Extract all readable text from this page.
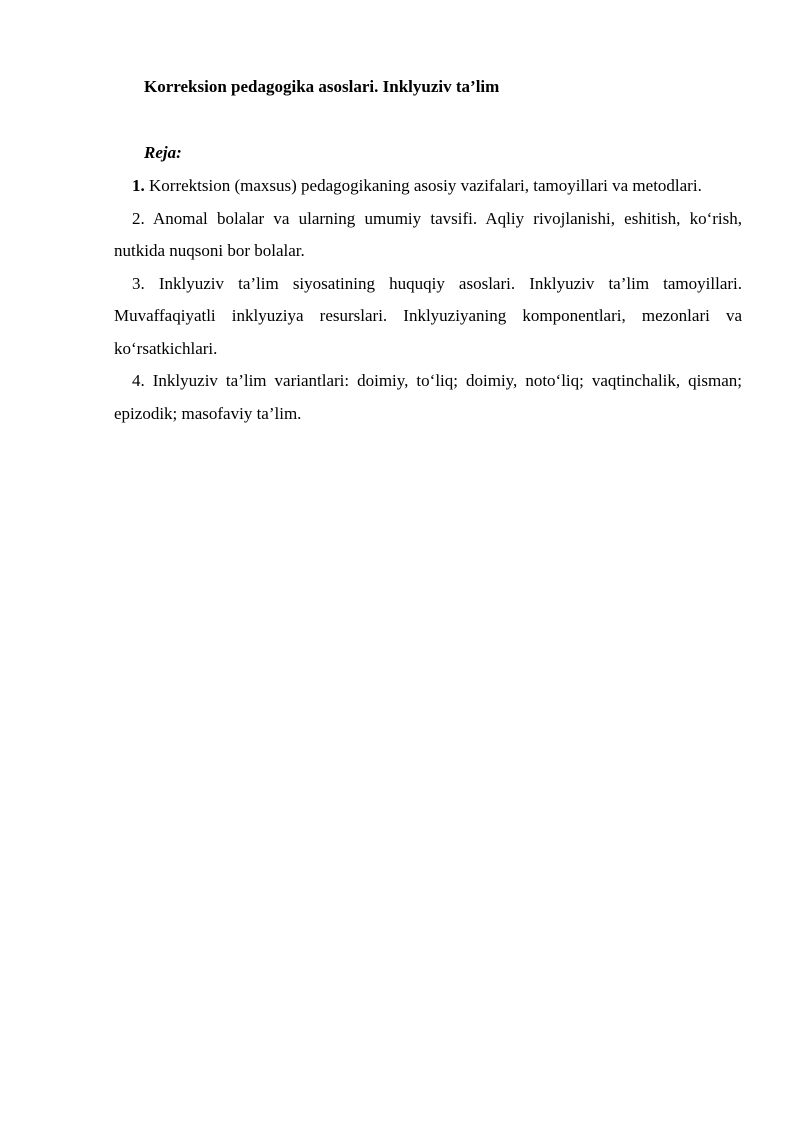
Korreksion pedagogika asoslari. Inklyuziv ta’lim
Reja:
1. Korrektsion (maxsus) pedagogikaning asosiy vazifalari, tamoyillari va metodlari.
2. Anomal bolalar va ularning umumiy tavsifi. Aqliy rivojlanishi, eshitish, ko‘rish, nutkida nuqsoni bor bolalar.
3. Inklyuziv ta’lim siyosatining huquqiy asoslari. Inklyuziv ta’lim tamoyillari. Muvaffaqiyatli inklyuziya resurslari. Inklyuziyaning komponentlari, mezonlari va ko‘rsatkichlari.
4. Inklyuziv ta’lim variantlari: doimiy, to‘liq; doimiy, noto‘liq; vaqtinchalik, qisman; epizodik; masofaviy ta’lim.
